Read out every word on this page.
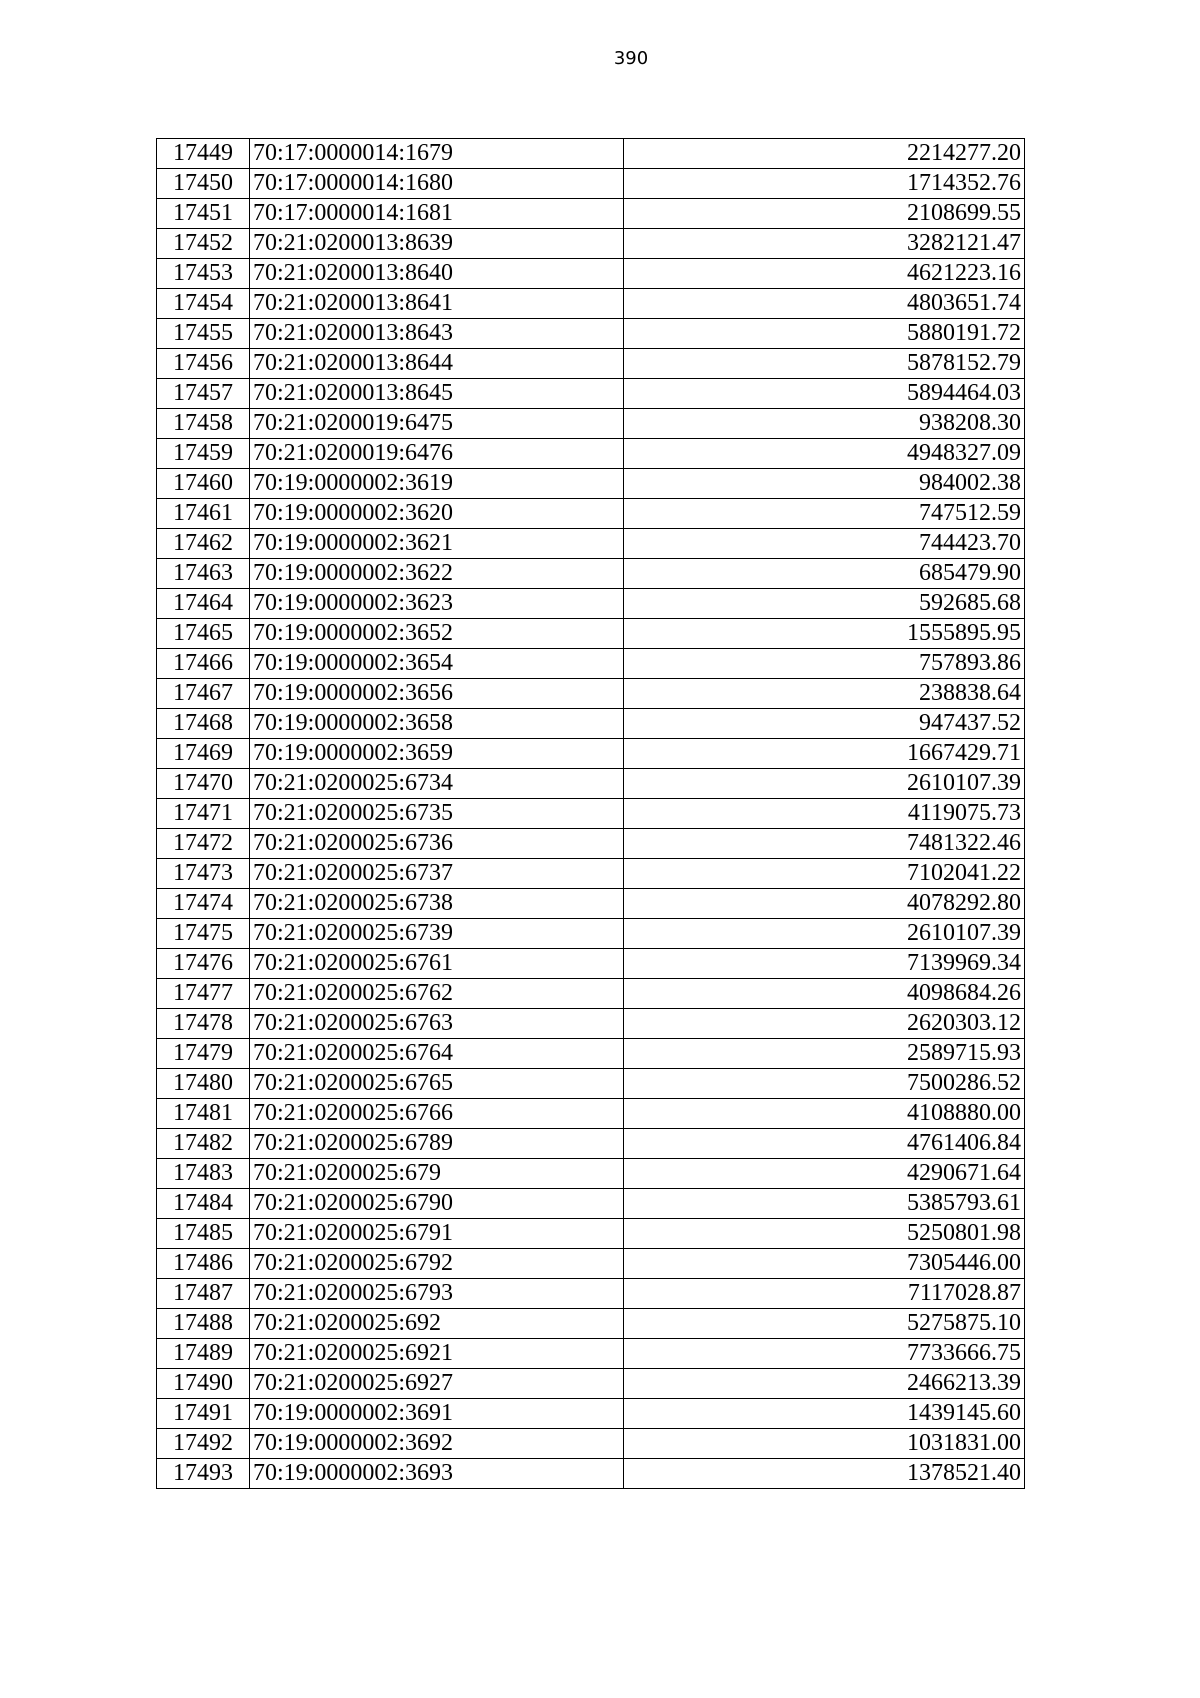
390
17449	70:17:0000014:1679	2214277.20
17450	70:17:0000014:1680	1714352.76
17451	70:17:0000014:1681	2108699.55
17452	70:21:0200013:8639	3282121.47
17453	70:21:0200013:8640	4621223.16
17454	70:21:0200013:8641	4803651.74
17455	70:21:0200013:8643	5880191.72
17456	70:21:0200013:8644	5878152.79
17457	70:21:0200013:8645	5894464.03
17458	70:21:0200019:6475	938208.30
17459	70:21:0200019:6476	4948327.09
17460	70:19:0000002:3619	984002.38
17461	70:19:0000002:3620	747512.59
17462	70:19:0000002:3621	744423.70
17463	70:19:0000002:3622	685479.90
17464	70:19:0000002:3623	592685.68
17465	70:19:0000002:3652	1555895.95
17466	70:19:0000002:3654	757893.86
17467	70:19:0000002:3656	238838.64
17468	70:19:0000002:3658	947437.52
17469	70:19:0000002:3659	1667429.71
17470	70:21:0200025:6734	2610107.39
17471	70:21:0200025:6735	4119075.73
17472	70:21:0200025:6736	7481322.46
17473	70:21:0200025:6737	7102041.22
17474	70:21:0200025:6738	4078292.80
17475	70:21:0200025:6739	2610107.39
17476	70:21:0200025:6761	7139969.34
17477	70:21:0200025:6762	4098684.26
17478	70:21:0200025:6763	2620303.12
17479	70:21:0200025:6764	2589715.93
17480	70:21:0200025:6765	7500286.52
17481	70:21:0200025:6766	4108880.00
17482	70:21:0200025:6789	4761406.84
17483	70:21:0200025:679	4290671.64
17484	70:21:0200025:6790	5385793.61
17485	70:21:0200025:6791	5250801.98
17486	70:21:0200025:6792	7305446.00
17487	70:21:0200025:6793	7117028.87
17488	70:21:0200025:692	5275875.10
17489	70:21:0200025:6921	7733666.75
17490	70:21:0200025:6927	2466213.39
17491	70:19:0000002:3691	1439145.60
17492	70:19:0000002:3692	1031831.00
17493	70:19:0000002:3693	1378521.40
